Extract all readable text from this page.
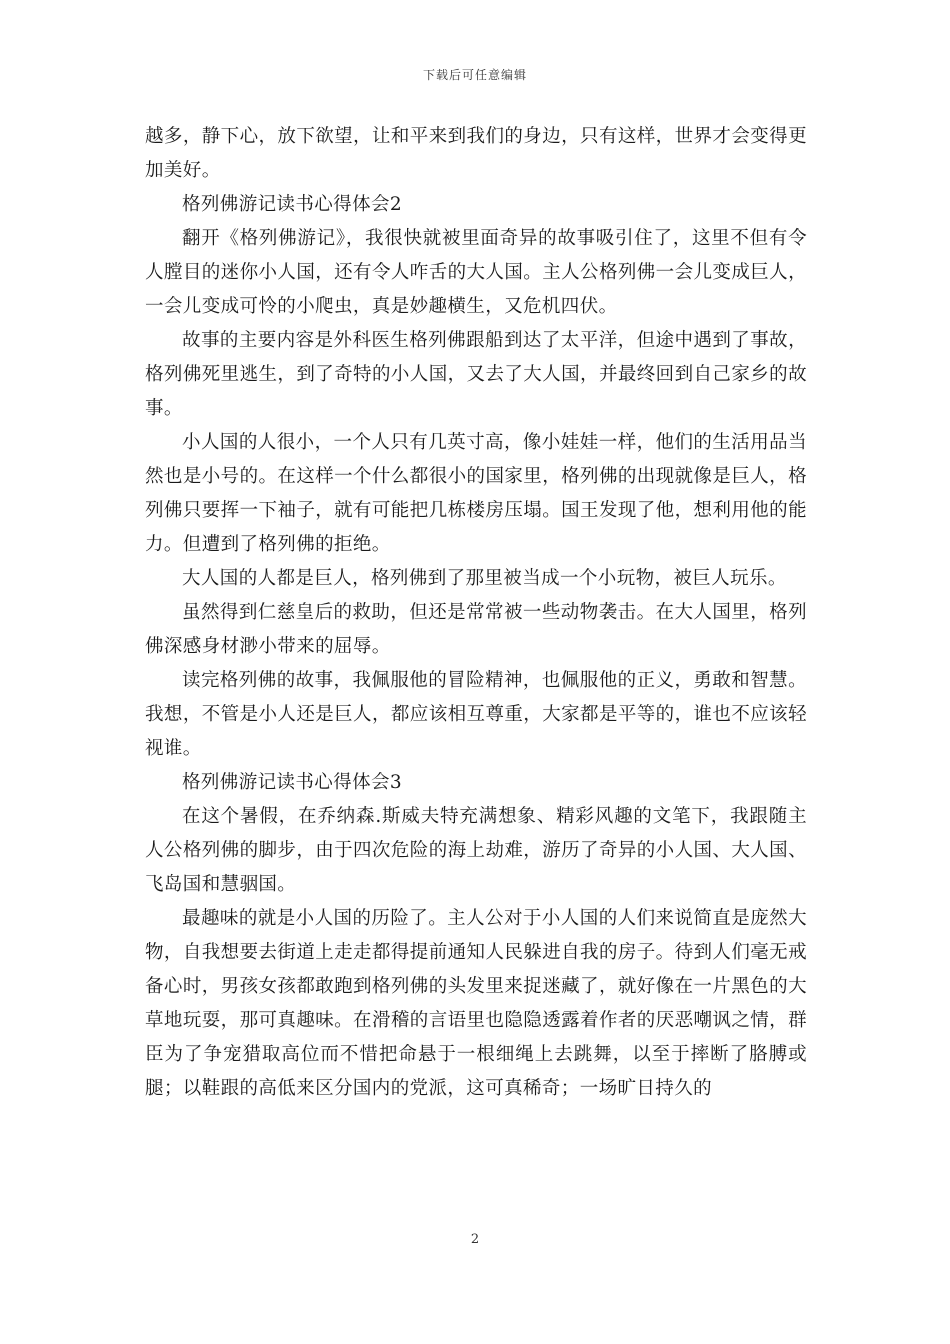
下载后可任意编辑

越多，静下心，放下欲望，让和平来到我们的身边，只有这样，世界才会变得更加美好。

格列佛游记读书心得体会2

翻开《格列佛游记》，我很快就被里面奇异的故事吸引住了，这里不但有令人膛目的迷你小人国，还有令人咋舌的大人国。主人公格列佛一会儿变成巨人，一会儿变成可怜的小爬虫，真是妙趣横生，又危机四伏。

故事的主要内容是外科医生格列佛跟船到达了太平洋，但途中遇到了事故，格列佛死里逃生，到了奇特的小人国，又去了大人国，并最终回到自己家乡的故事。

小人国的人很小，一个人只有几英寸高，像小娃娃一样，他们的生活用品当然也是小号的。在这样一个什么都很小的国家里，格列佛的出现就像是巨人，格列佛只要挥一下袖子，就有可能把几栋楼房压塌。国王发现了他，想利用他的能力。但遭到了格列佛的拒绝。

大人国的人都是巨人，格列佛到了那里被当成一个小玩物，被巨人玩乐。

虽然得到仁慈皇后的救助，但还是常常被一些动物袭击。在大人国里，格列佛深感身材渺小带来的屈辱。

读完格列佛的故事，我佩服他的冒险精神，也佩服他的正义，勇敢和智慧。我想，不管是小人还是巨人，都应该相互尊重，大家都是平等的，谁也不应该轻视谁。

格列佛游记读书心得体会3

在这个暑假，在乔纳森.斯威夫特充满想象、精彩风趣的文笔下，我跟随主人公格列佛的脚步，由于四次危险的海上劫难，游历了奇异的小人国、大人国、飞岛国和慧骃国。

最趣味的就是小人国的历险了。主人公对于小人国的人们来说简直是庞然大物，自我想要去街道上走走都得提前通知人民躲进自我的房子。待到人们毫无戒备心时，男孩女孩都敢跑到格列佛的头发里来捉迷藏了，就好像在一片黑色的大草地玩耍，那可真趣味。在滑稽的言语里也隐隐透露着作者的厌恶嘲讽之情，群臣为了争宠猎取高位而不惜把命悬于一根细绳上去跳舞，以至于摔断了胳膊或腿；以鞋跟的高低来区分国内的党派，这可真稀奇；一场旷日持久的

2
